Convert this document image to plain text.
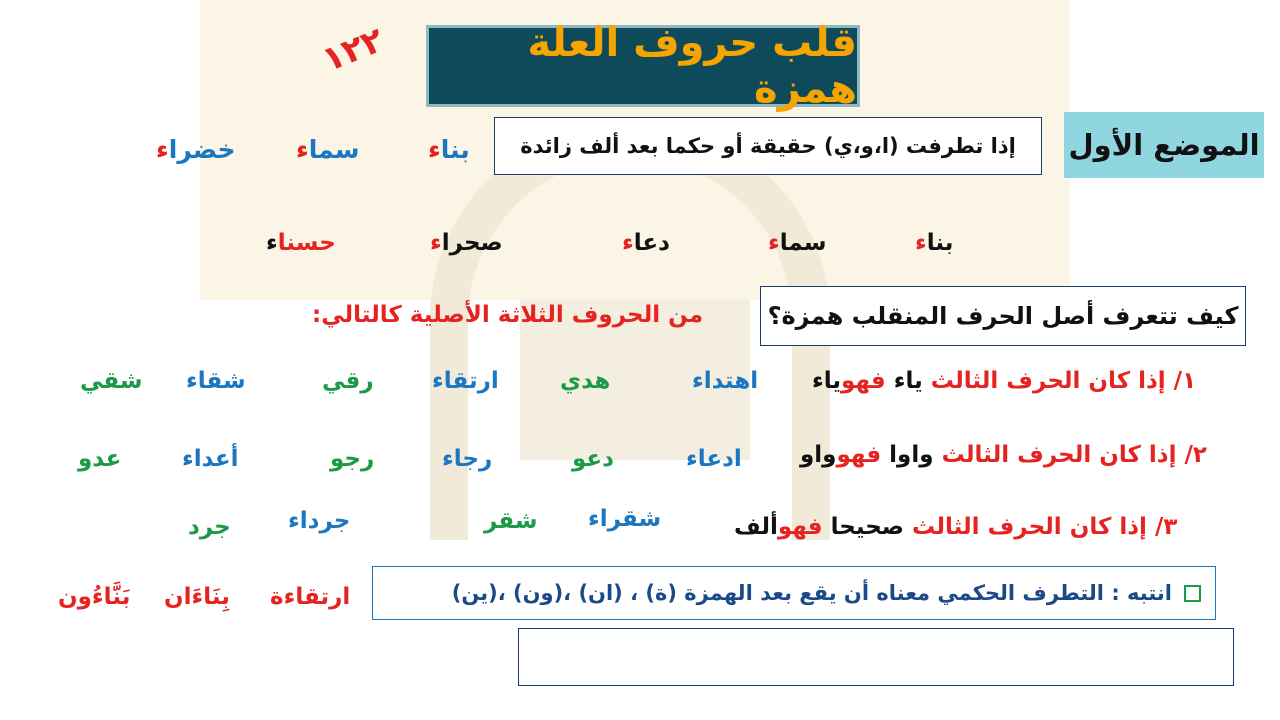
قلب حروف العلة همزة
١٢٢
الموضع الأول
إذا تطرفت (ا،و،ي) حقيقة أو حكما بعد ألف زائدة
بناء
سماء
خضراء
بناء
سماء
دعاء
صحراء
حسناء
كيف تتعرف أصل الحرف المنقلب همزة؟
من الحروف الثلاثة الأصلية كالتالي:
١/ إذا كان الحرف الثالث ياء فهوياء
اهتداء
هدي
ارتقاء
رقي
شقاء
شقي
٢/ إذا كان الحرف الثالث واوا فهوواو
ادعاء
دعو
رجاء
رجو
أعداء
عدو
٣/ إذا كان الحرف الثالث صحيحا فهوألف
شقراء
شقر
جرداء
جرد
انتبه : التطرف الحكمي معناه أن يقع بعد الهمزة (ة) ، (ان) ،(ون) ،(ين)
ارتقاءة
بِنَاءَان
بَنَّاءُون
